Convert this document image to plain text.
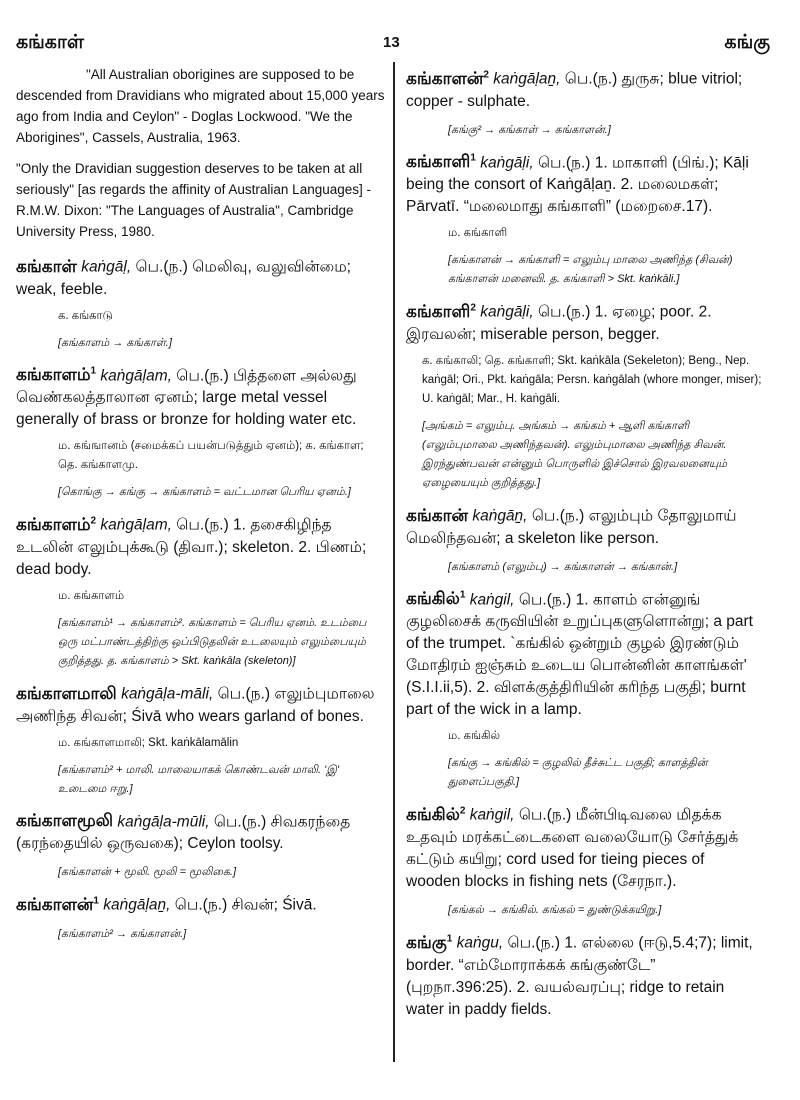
கங்காள்	13	கங்கு

"All Australian oborigines are supposed to be descended from Dravidians who migrated about 15,000 years ago from India and Ceylon" - Doglas Lockwood. "We the Aborigines", Cassels, Australia, 1963.

"Only the Dravidian suggestion deserves to be taken at all seriously" [as regards the affinity of Australian Languages] - R.M.W. Dixon: "The Languages of Australia", Cambridge University Press, 1980.

கங்காள் kaṅgāḷ, பெ.(ந.) மெலிவு, வலுவின்மை; weak, feeble.
க. கங்காடு
[கங்காளம் → கங்காள்.]
கங்காளம்$^1$ kaṅgāḷam, பெ.(ந.) பித்தளை அல்லது வெண்கலத்தாலான ஏனம்; large metal vessel generally of brass or bronze for holding water etc.
ம. கங்ஙானம் (சமைக்கப் பயன்படுத்தும் ஏனம்); க. கங்காள; தெ. கங்காளமு.
[கொங்கு → கங்கு → கங்காளம் = வட்டமான பெரிய ஏனம்.]
கங்காளம்$^2$ kaṅgāḷam, பெ.(ந.) 1. தசைகிழிந்த உடலின் எலும்புக்கூடு (திவா.); skeleton. 2. பிணம்; dead body.
ம. கங்காளம்
[கங்காளம்¹ → கங்காளம்². கங்காளம் = பெரிய ஏனம். உடம்பை ஒரு மட்பாண்டத்திற்கு ஒப்பிடுதலின் உடலையும் எலும்பையும் குறித்தது. த. கங்காளம் > Skt. kaṅkāla (skeleton)]
கங்காளமாலி kaṅgāḷa-māli, பெ.(ந.) எலும்புமாலை அணிந்த சிவன்; Śivā who wears garland of bones.
ம. கங்காளமாலி; Skt. kaṅkālamālin
[கங்காளம்² + மாலி. மாலையாகக் கொண்டவன் மாலி. 'இ' உடைமை ஈறு.]
கங்காளமூலி kaṅgāḷa-mūli, பெ.(ந.) சிவகரந்தை (கரந்தையில் ஒருவகை); Ceylon toolsy.
[கங்காளன் + மூலி. மூலி = மூலிகை.]
கங்காளன்$^1$ kaṅgāḷaṉ, பெ.(ந.) சிவன்; Śivā.
[கங்காளம்² → கங்காளன்.]
கங்காளன்$^2$ kaṅgāḷaṉ, பெ.(ந.) துருசு; blue vitriol; copper - sulphate.
[கங்கு² → கங்காள் → கங்காளன்.]
கங்காளி$^1$ kaṅgāḷi, பெ.(ந.) 1. மாகாளி (பிங்.); Kāḷi being the consort of Kaṅgāḷaṉ. 2. மலைமகள்; Pārvatī. “மலைமாது கங்காளி” (மறைசை.17).
ம. கங்காளி
[கங்காளன் → கங்காளி = எலும்பு மாலை அணிந்த (சிவன்) கங்காளன் மனைவி. த. கங்காளி > Skt. kaṅkāli.]
கங்காளி$^2$ kaṅgāḷi, பெ.(ந.) 1. ஏழை; poor. 2. இரவலன்; miserable person, begger.
க. கங்காலி; தெ. கங்காளி; Skt. kaṅkāla (Sekeleton); Beng., Nep. kaṅgāl; Ori., Pkt. kaṅgāla; Persn. kaṅgālah (whore monger, miser); U. kaṅgāl; Mar., H. kaṅgāli.
[அங்கம் = எலும்பு. அங்கம் → கங்கம் + ஆளி கங்காளி (எலும்புமாலை அணிந்தவன்). எலும்புமாலை அணிந்த சிவன். இரந்துண்பவன் என்னும் பொருளில் இச்சொல் இரவலனையும் ஏழையையும் குறித்தது.]
கங்கான் kaṅgāṉ, பெ.(ந.) எலும்பும் தோலுமாய் மெலிந்தவன்; a skeleton like person.
[கங்காளம் (எலும்பு) → கங்காளன் → கங்கான்.]
கங்கில்$^1$ kaṅgil, பெ.(ந.) 1. காளம் என்னுங் குழலிசைக் கருவியின் உறுப்புகளுளொன்று; a part of the trumpet. `கங்கில் ஒன்றும் குழல் இரண்டும் மோதிரம் ஐஞ்சும் உடைய பொன்னின் காளங்கள்' (S.I.I.ii,5). 2. விளக்குத்திரியின் கரிந்த பகுதி; burnt part of the wick in a lamp.
ம. கங்கில்
[கங்கு → கங்கில் = குழலில் தீச்சுட்ட பகுதி; காளத்தின் துளைப்பகுதி.]
கங்கில்$^2$ kaṅgil, பெ.(ந.) மீன்பிடிவலை மிதக்க உதவும் மரக்கட்டைகளை வலையோடு சேர்த்துக் கட்டும் கயிறு; cord used for tieing pieces of wooden blocks in fishing nets (சேரநா.).
[கங்கல் → கங்கில். கங்கல் = துண்டுக்கயிறு.]
கங்கு$^1$ kaṅgu, பெ.(ந.) 1. எல்லை (ஈடு,5.4;7); limit, border. “எம்மோராக்கக் கங்குண்டே” (புறநா.396:25). 2. வயல்வரப்பு; ridge to retain water in paddy fields.
